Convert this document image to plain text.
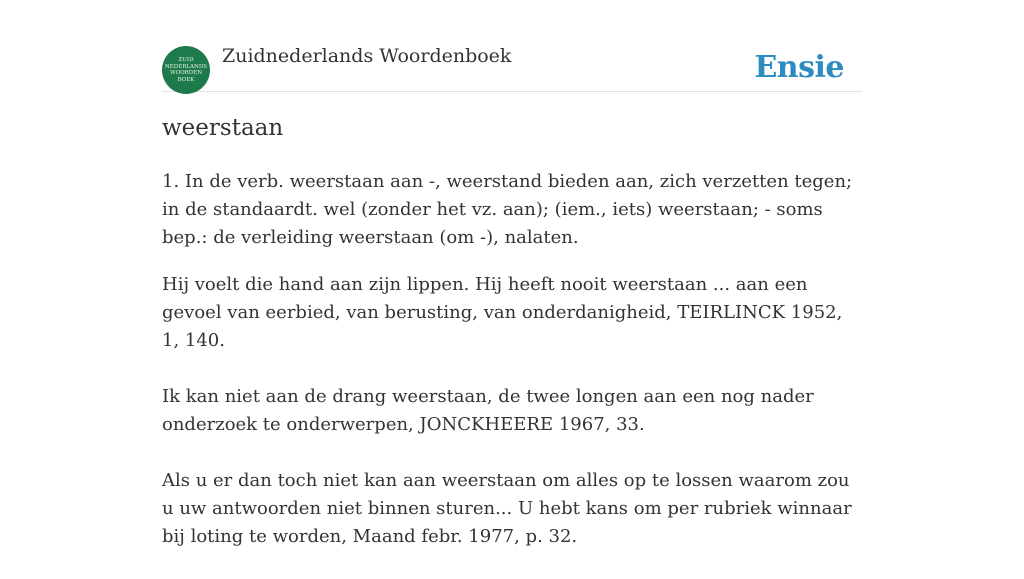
ZUID
NEDERLANDS
WOORDEN
BOEK
Zuidnederlands Woordenboek	Ensie
weerstaan

1. In de verb. weerstaan aan -, weerstand bieden aan, zich verzetten tegen; in de standaardt. wel (zonder het vz. aan); (iem., iets) weerstaan; - soms bep.: de verleiding weerstaan (om -), nalaten.

Hij voelt die hand aan zijn lippen. Hij heeft nooit weerstaan ... aan een gevoel van eerbied, van berusting, van onderdanigheid, TEIRLINCK 1952, 1, 140.

Ik kan niet aan de drang weerstaan, de twee longen aan een nog nader onderzoek te onderwerpen, JONCKHEERE 1967, 33.

Als u er dan toch niet kan aan weerstaan om alles op te lossen waarom zou u uw antwoorden niet binnen sturen... U hebt kans om per rubriek winnaar bij loting te worden, Maand febr. 1977, p. 32.
